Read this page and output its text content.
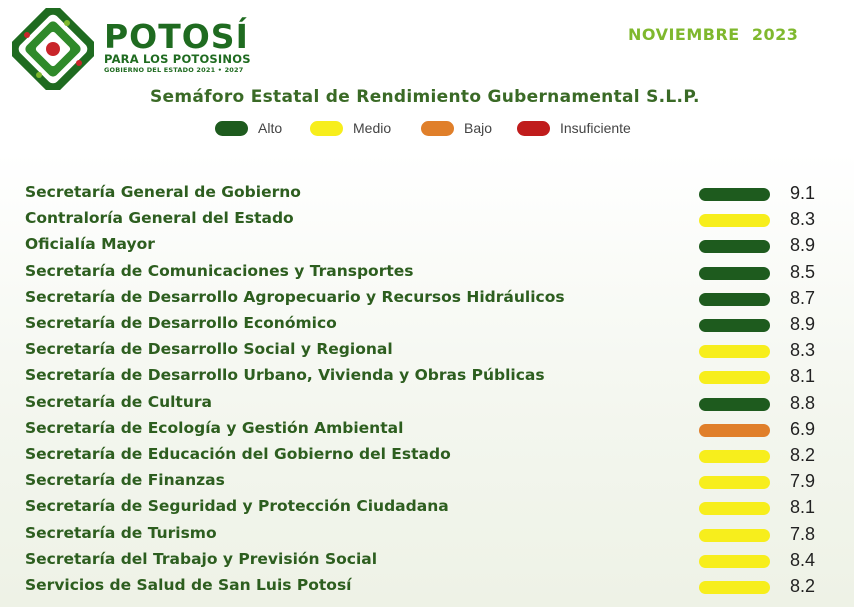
POTOSÍ
PARA LOS POTOSINOS
GOBIERNO DEL ESTADO 2021 • 2027
NOVIEMBRE  2023
Semáforo Estatal de Rendimiento Gubernamental S.L.P.
Alto	Medio	Bajo	Insuficiente
Secretaría General de Gobierno	9.1
Contraloría General del Estado	8.3
Oficialía Mayor	8.9
Secretaría de Comunicaciones y Transportes	8.5
Secretaría de Desarrollo Agropecuario y Recursos Hidráulicos	8.7
Secretaría de Desarrollo Económico	8.9
Secretaría de Desarrollo Social y Regional	8.3
Secretaría de Desarrollo Urbano, Vivienda y Obras Públicas	8.1
Secretaría de Cultura	8.8
Secretaría de Ecología y Gestión Ambiental	6.9
Secretaría de Educación del Gobierno del Estado	8.2
Secretaría de Finanzas	7.9
Secretaría de Seguridad y Protección Ciudadana	8.1
Secretaría de Turismo	7.8
Secretaría del Trabajo y Previsión Social	8.4
Servicios de Salud de San Luis Potosí	8.2
